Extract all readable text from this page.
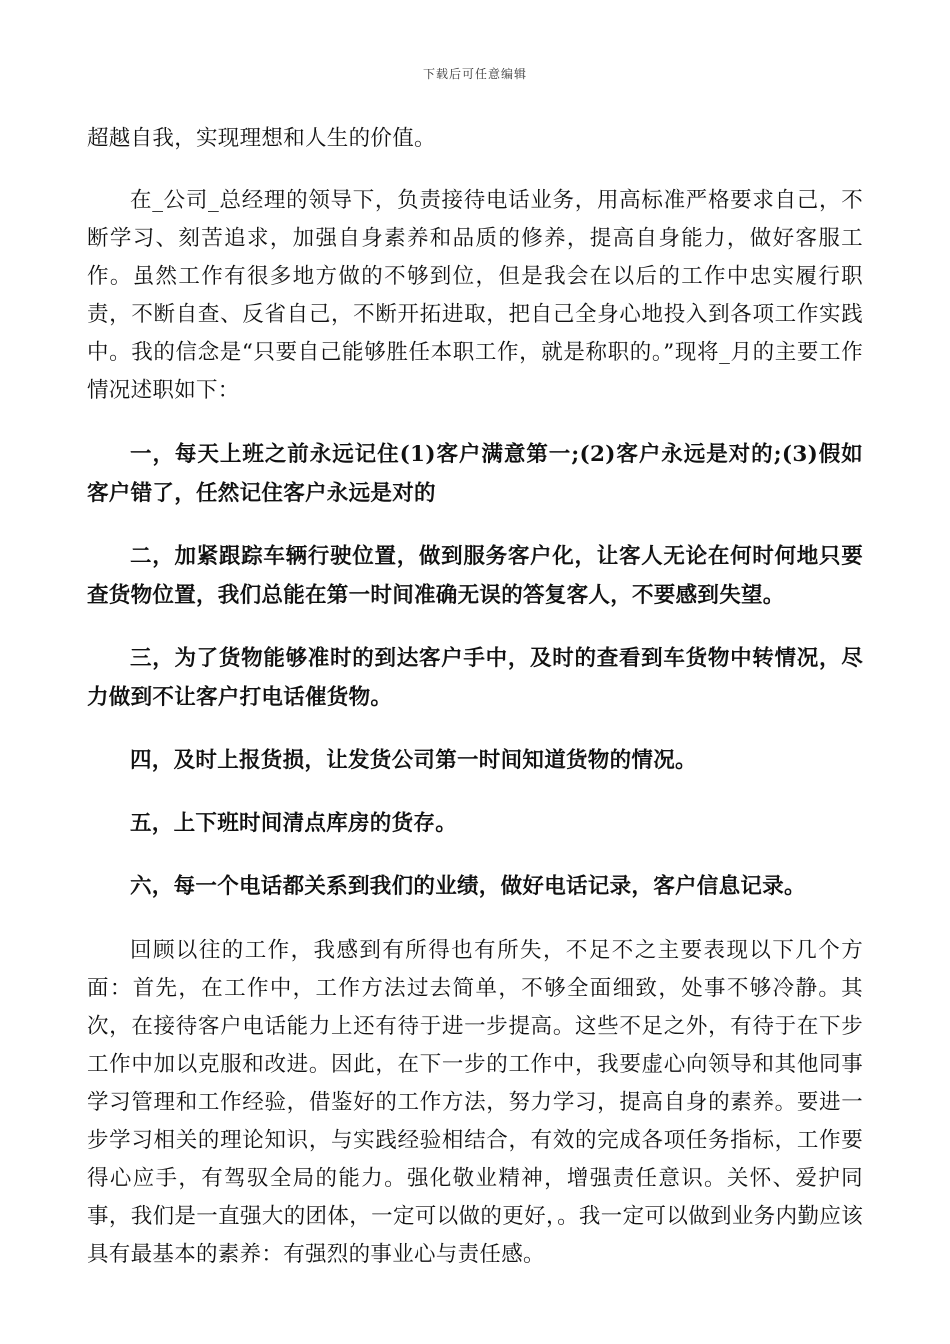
下载后可任意编辑

超越自我，实现理想和人生的价值。

在_公司_总经理的领导下，负责接待电话业务，用高标准严格要求自己，不断学习、刻苦追求，加强自身素养和品质的修养，提高自身能力，做好客服工作。虽然工作有很多地方做的不够到位，但是我会在以后的工作中忠实履行职责，不断自查、反省自己，不断开拓进取，把自己全身心地投入到各项工作实践中。我的信念是“只要自己能够胜任本职工作，就是称职的。”现将_月的主要工作情况述职如下：

一，每天上班之前永远记住(1)客户满意第一;(2)客户永远是对的;(3)假如客户错了，任然记住客户永远是对的

二，加紧跟踪车辆行驶位置，做到服务客户化，让客人无论在何时何地只要查货物位置，我们总能在第一时间准确无误的答复客人，不要感到失望。

三，为了货物能够准时的到达客户手中，及时的查看到车货物中转情况，尽力做到不让客户打电话催货物。

四，及时上报货损，让发货公司第一时间知道货物的情况。

五，上下班时间清点库房的货存。

六，每一个电话都关系到我们的业绩，做好电话记录，客户信息记录。

回顾以往的工作，我感到有所得也有所失，不足不之主要表现以下几个方面：首先，在工作中，工作方法过去简单，不够全面细致，处事不够冷静。其次，在接待客户电话能力上还有待于进一步提高。这些不足之外，有待于在下步工作中加以克服和改进。因此，在下一步的工作中，我要虚心向领导和其他同事学习管理和工作经验，借鉴好的工作方法，努力学习，提高自身的素养。要进一步学习相关的理论知识，与实践经验相结合，有效的完成各项任务指标，工作要得心应手，有驾驭全局的能力。强化敬业精神，增强责任意识。关怀、爱护同事，我们是一直强大的团体，一定可以做的更好，。我一定可以做到业务内勤应该具有最基本的素养：有强烈的事业心与责任感。
